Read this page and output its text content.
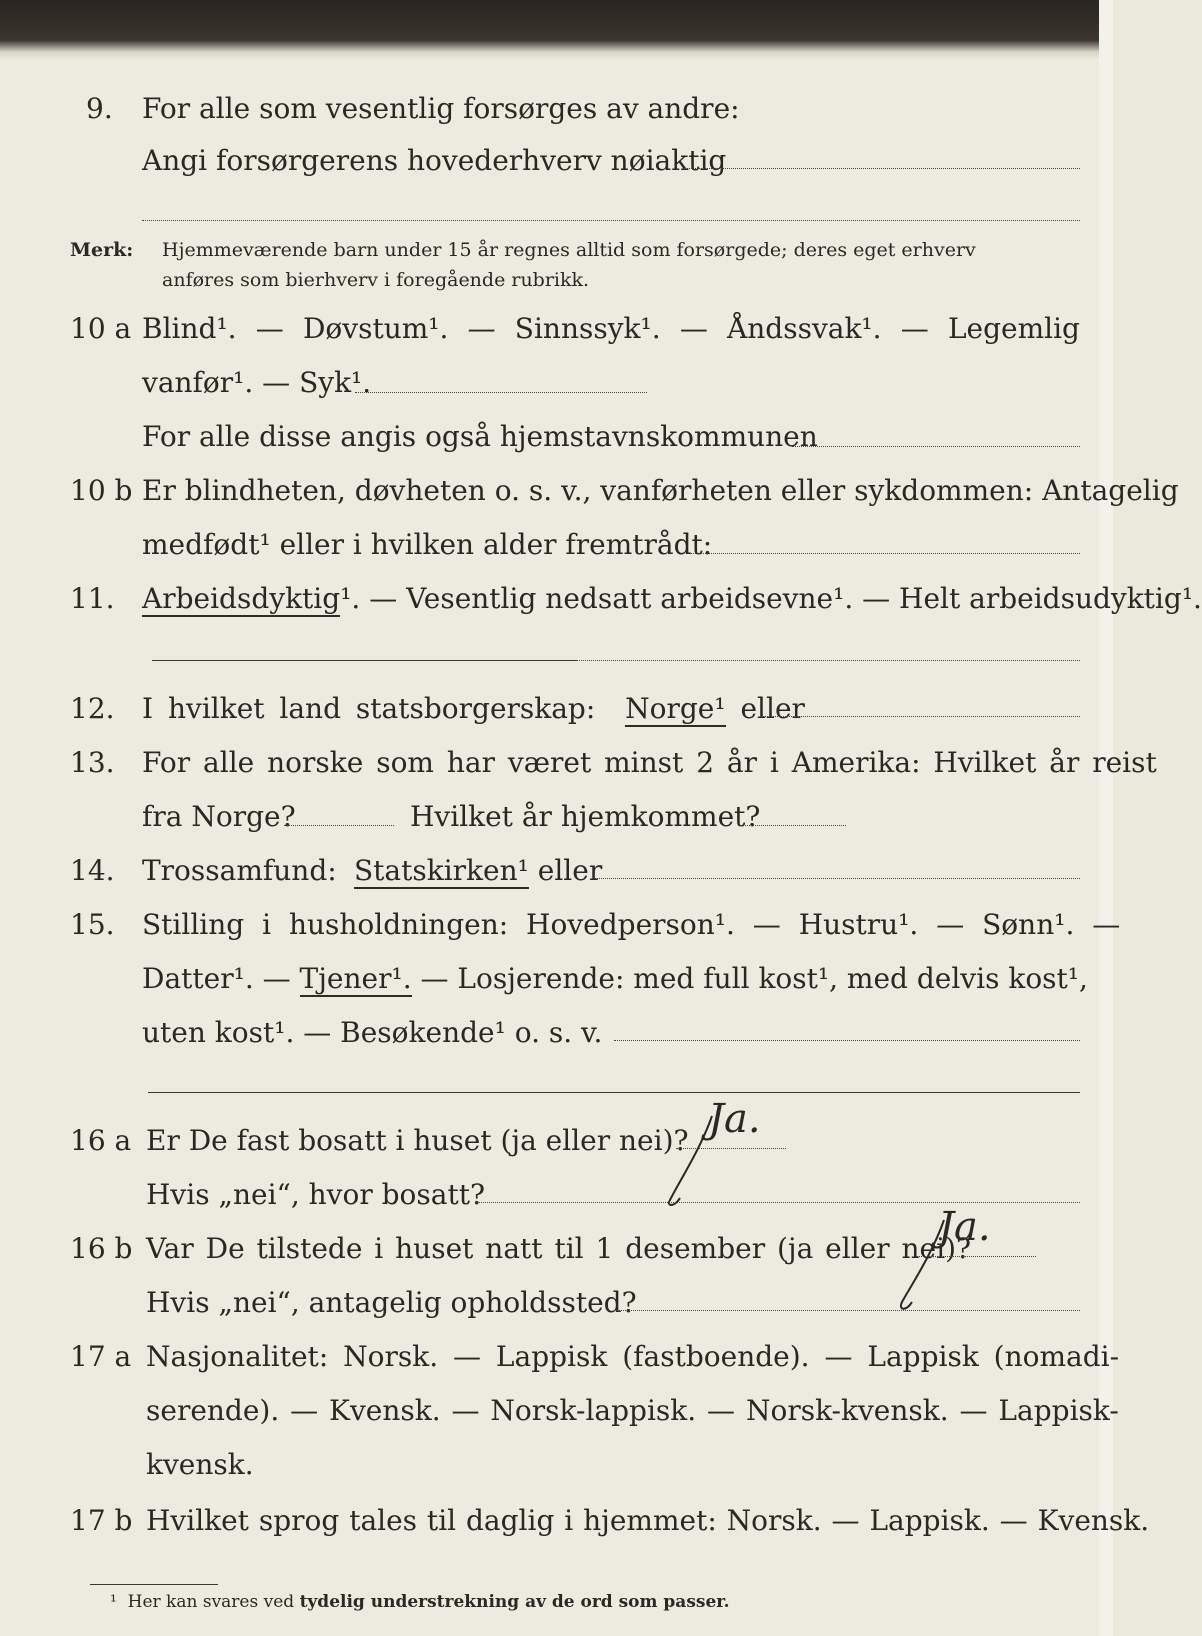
9. For alle som vesentlig forsørges av andre:
Angi forsørgerens hovederhverv nøiaktig
Merk: Hjemmeværende barn under 15 år regnes alltid som forsørgede; deres eget erhverv
anføres som bierhverv i foregående rubrikk.
10 a Blind¹. — Døvstum¹. — Sinnssyk¹. — Åndssvak¹. — Legemlig
vanfør¹. — Syk¹.
For alle disse angis også hjemstavnskommunen
10 b Er blindheten, døvheten o. s. v., vanførheten eller sykdommen: Antagelig
medfødt¹ eller i hvilken alder fremtrådt:
11. Arbeidsdyktig¹. — Vesentlig nedsatt arbeidsevne¹. — Helt arbeidsudyktig¹.
12. I hvilket land statsborgerskap: Norge¹ eller
13. For alle norske som har været minst 2 år i Amerika: Hvilket år reist
fra Norge?	Hvilket år hjemkommet?
14. Trossamfund: Statskirken¹ eller
15. Stilling i husholdningen: Hovedperson¹. — Hustru¹. — Sønn¹. —
Datter¹. — Tjener¹. — Losjerende: med full kost¹, med delvis kost¹,
uten kost¹. — Besøkende¹ o. s. v.
16 a Er De fast bosatt i huset (ja eller nei)? Ja.
Hvis „nei“, hvor bosatt?
16 b Var De tilstede i huset natt til 1 desember (ja eller nei)?
Ja.
Hvis „nei“, antagelig opholdssted?
17 a Nasjonalitet: Norsk. — Lappisk (fastboende). — Lappisk (nomadi-
serende). — Kvensk. — Norsk-lappisk. — Norsk-kvensk. — Lappisk-
kvensk.
17 b Hvilket sprog tales til daglig i hjemmet: Norsk. — Lappisk. — Kvensk.
¹ Her kan svares ved tydelig understrekning av de ord som passer.
